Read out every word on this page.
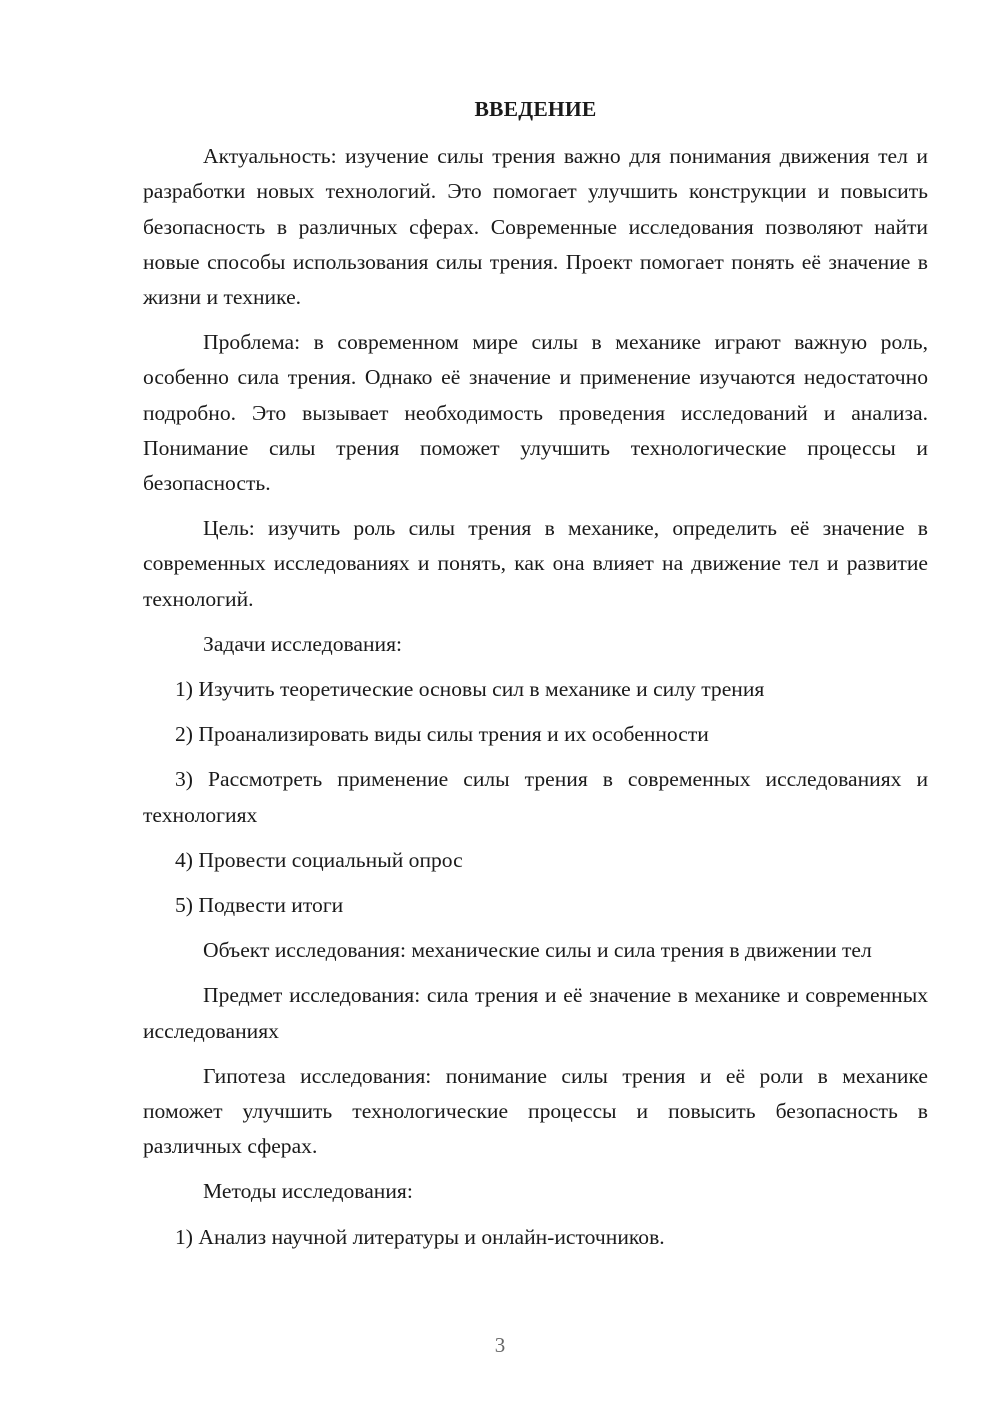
ВВЕДЕНИЕ

Актуальность: изучение силы трения важно для понимания движения тел и разработки новых технологий. Это помогает улучшить конструкции и повысить безопасность в различных сферах. Современные исследования позволяют найти новые способы использования силы трения. Проект помогает понять её значение в жизни и технике.

Проблема: в современном мире силы в механике играют важную роль, особенно сила трения. Однако её значение и применение изучаются недостаточно подробно. Это вызывает необходимость проведения исследований и анализа. Понимание силы трения поможет улучшить технологические процессы и безопасность.

Цель: изучить роль силы трения в механике, определить её значение в современных исследованиях и понять, как она влияет на движение тел и развитие технологий.

Задачи исследования:

1) Изучить теоретические основы сил в механике и силу трения

2) Проанализировать виды силы трения и их особенности

3) Рассмотреть применение силы трения в современных исследованиях и технологиях

4) Провести социальный опрос

5) Подвести итоги

Объект исследования: механические силы и сила трения в движении тел

Предмет исследования: сила трения и её значение в механике и современных исследованиях

Гипотеза исследования: понимание силы трения и её роли в механике поможет улучшить технологические процессы и повысить безопасность в различных сферах.

Методы исследования:

1) Анализ научной литературы и онлайн-источников.

3
